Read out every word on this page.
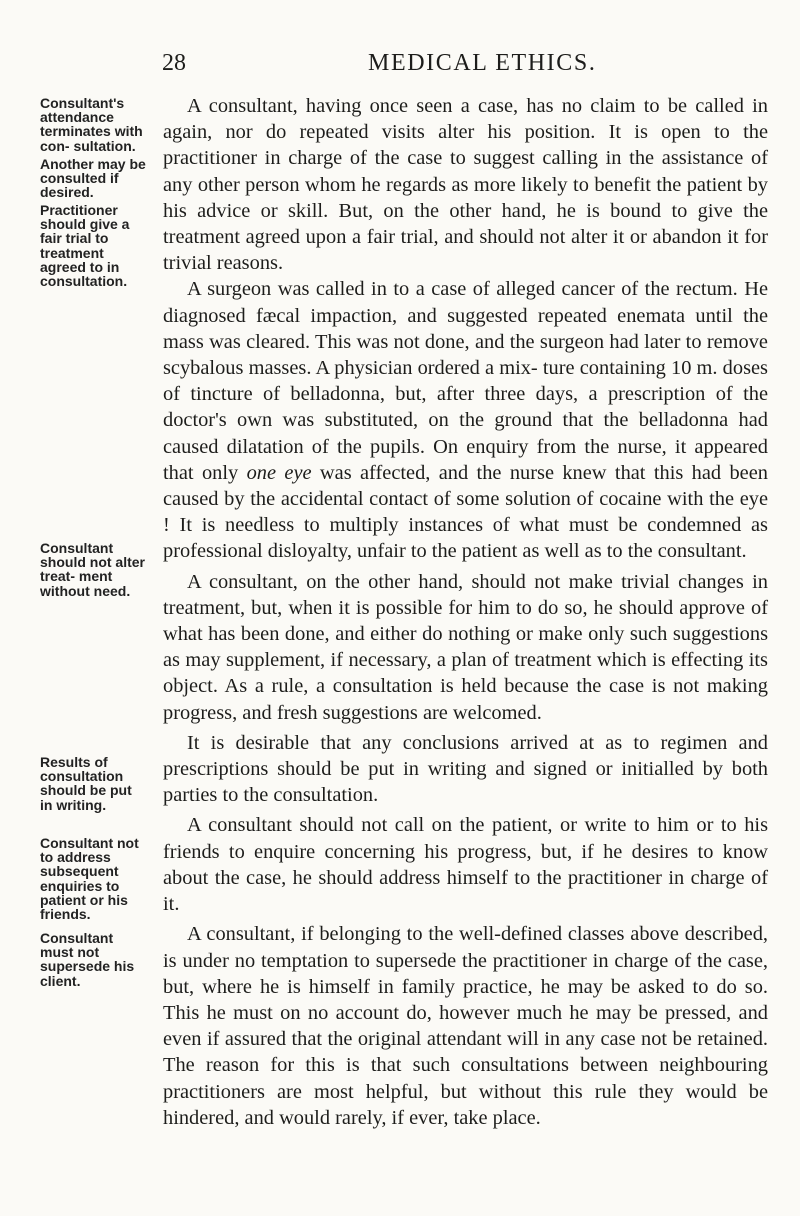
28	MEDICAL ETHICS.
Consultant's attendance terminates with con- sultation.
Another may be consulted if desired.
Practitioner should give a fair trial to treatment agreed to in consultation.
Consultant should not alter treat- ment without need.
Results of consultation should be put in writing.
Consultant not to address subsequent enquiries to patient or his friends.
Consultant must not supersede his client.

A consultant, having once seen a case, has no claim to be called in again, nor do repeated visits alter his position. It is open to the practitioner in charge of the case to suggest calling in the assistance of any other person whom he regards as more likely to benefit the patient by his advice or skill. But, on the other hand, he is bound to give the treatment agreed upon a fair trial, and should not alter it or abandon it for trivial reasons.

A surgeon was called in to a case of alleged cancer of the rectum. He diagnosed fæcal impaction, and suggested repeated enemata until the mass was cleared. This was not done, and the surgeon had later to remove scybalous masses. A physician ordered a mix- ture containing 10 m. doses of tincture of belladonna, but, after three days, a prescription of the doctor's own was substituted, on the ground that the belladonna had caused dilatation of the pupils. On enquiry from the nurse, it appeared that only one eye was affected, and the nurse knew that this had been caused by the accidental contact of some solution of cocaine with the eye ! It is needless to multiply instances of what must be condemned as professional disloyalty, unfair to the patient as well as to the consultant.

A consultant, on the other hand, should not make trivial changes in treatment, but, when it is possible for him to do so, he should approve of what has been done, and either do nothing or make only such suggestions as may supplement, if necessary, a plan of treatment which is effecting its object. As a rule, a consultation is held because the case is not making progress, and fresh suggestions are welcomed.

It is desirable that any conclusions arrived at as to regimen and prescriptions should be put in writing and signed or initialled by both parties to the consultation.

A consultant should not call on the patient, or write to him or to his friends to enquire concerning his progress, but, if he desires to know about the case, he should address himself to the practitioner in charge of it.

A consultant, if belonging to the well-defined classes above described, is under no temptation to supersede the practitioner in charge of the case, but, where he is himself in family practice, he may be asked to do so. This he must on no account do, however much he may be pressed, and even if assured that the original attendant will in any case not be retained. The reason for this is that such consultations between neighbouring practitioners are most helpful, but without this rule they would be hindered, and would rarely, if ever, take place.
